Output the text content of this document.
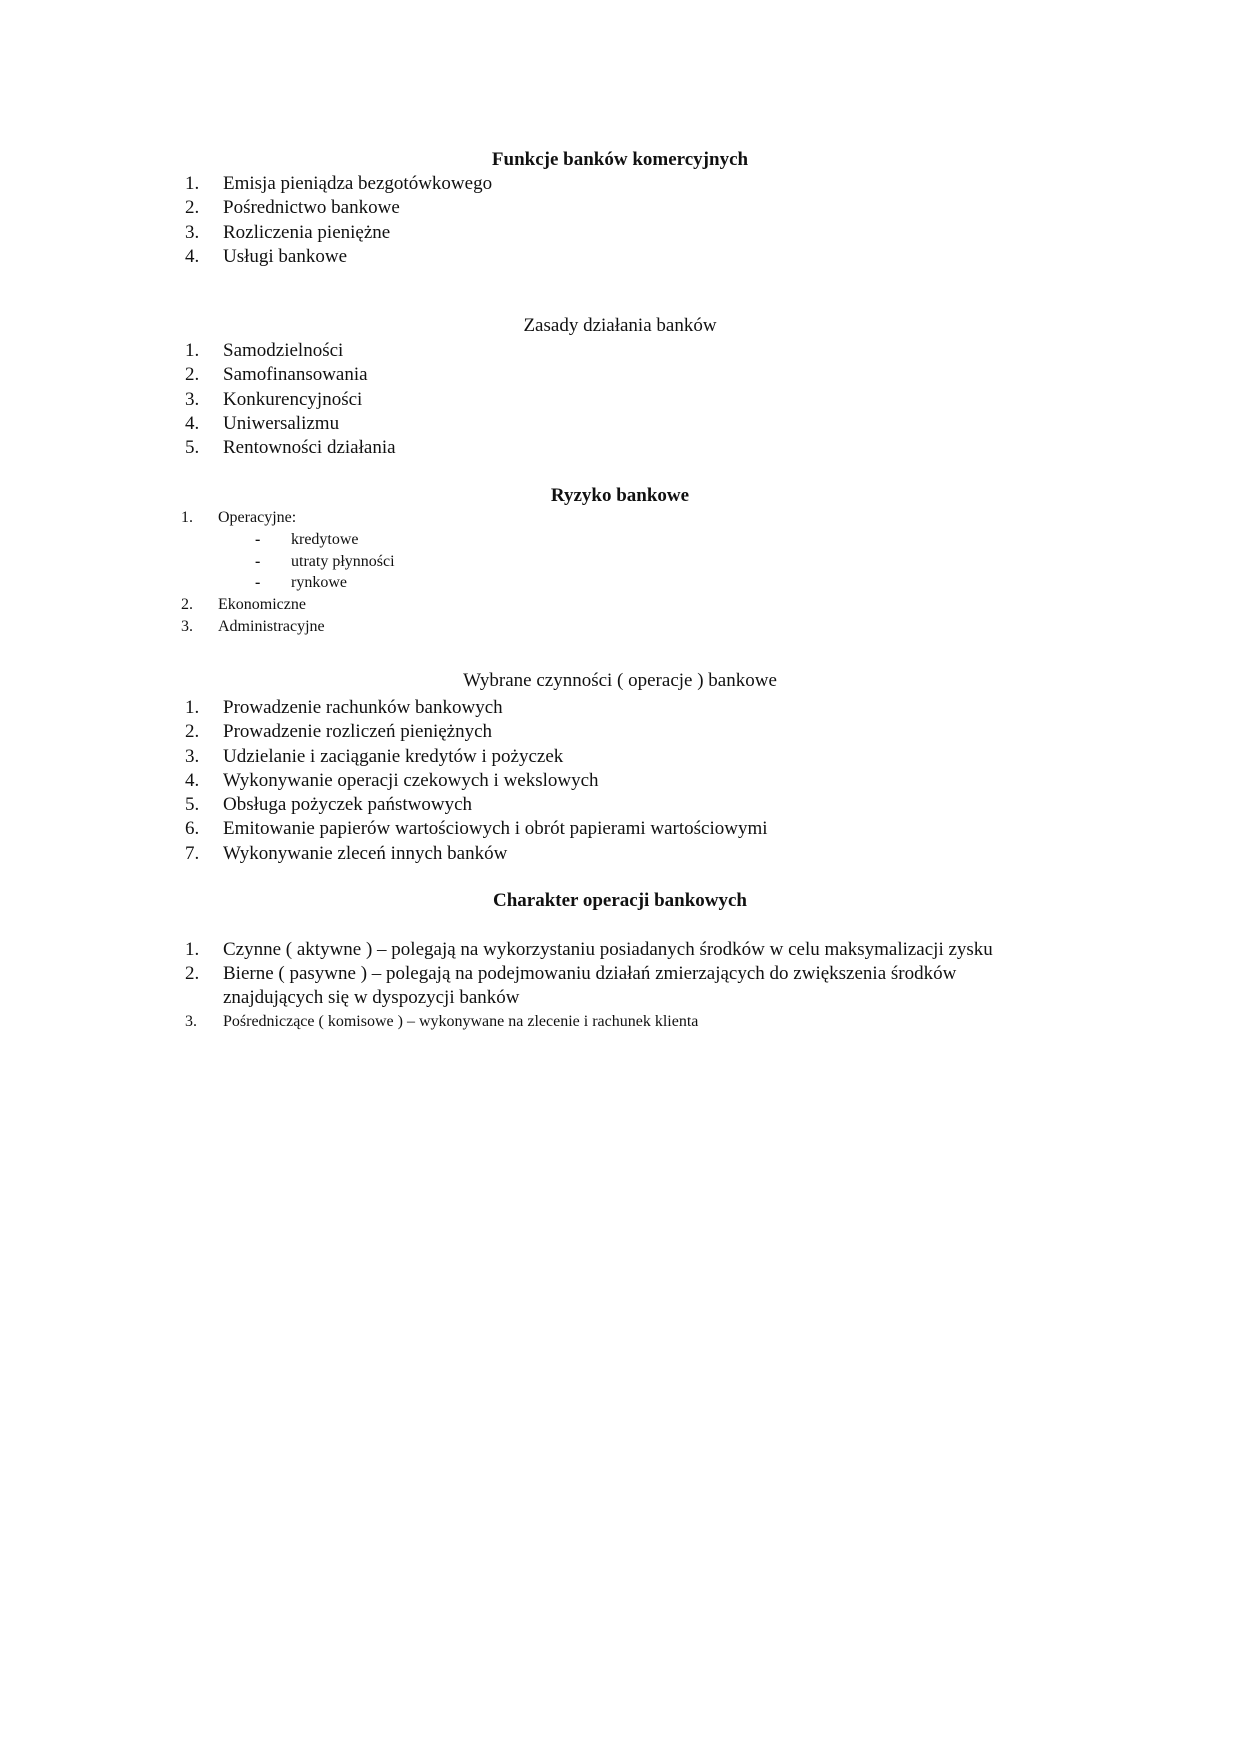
Funkcje banków komercyjnych
1.	Emisja pieniądza bezgotówkowego
2.	Pośrednictwo bankowe
3.	Rozliczenia pieniężne
4.	Usługi bankowe
Zasady działania banków
1.	Samodzielności
2.	Samofinansowania
3.	Konkurencyjności
4.	Uniwersalizmu
5.	Rentowności działania
Ryzyko bankowe
1.	Operacyjne:
- kredytowe
- utraty płynności
- rynkowe
2.	Ekonomiczne
3.	Administracyjne
Wybrane czynności ( operacje ) bankowe
1.	Prowadzenie rachunków bankowych
2.	Prowadzenie rozliczeń pieniężnych
3.	Udzielanie i zaciąganie kredytów i pożyczek
4.	Wykonywanie operacji czekowych i wekslowych
5.	Obsługa pożyczek państwowych
6.	Emitowanie papierów wartościowych i obrót papierami wartościowymi
7.	Wykonywanie zleceń innych banków
Charakter operacji bankowych
1.	Czynne ( aktywne ) – polegają na wykorzystaniu posiadanych środków w celu maksymalizacji zysku
2.	Bierne ( pasywne ) – polegają na podejmowaniu działań zmierzających do zwiększenia środków
znajdujących się w dyspozycji banków
3.	Pośredniczące ( komisowe ) – wykonywane na zlecenie i rachunek klienta
